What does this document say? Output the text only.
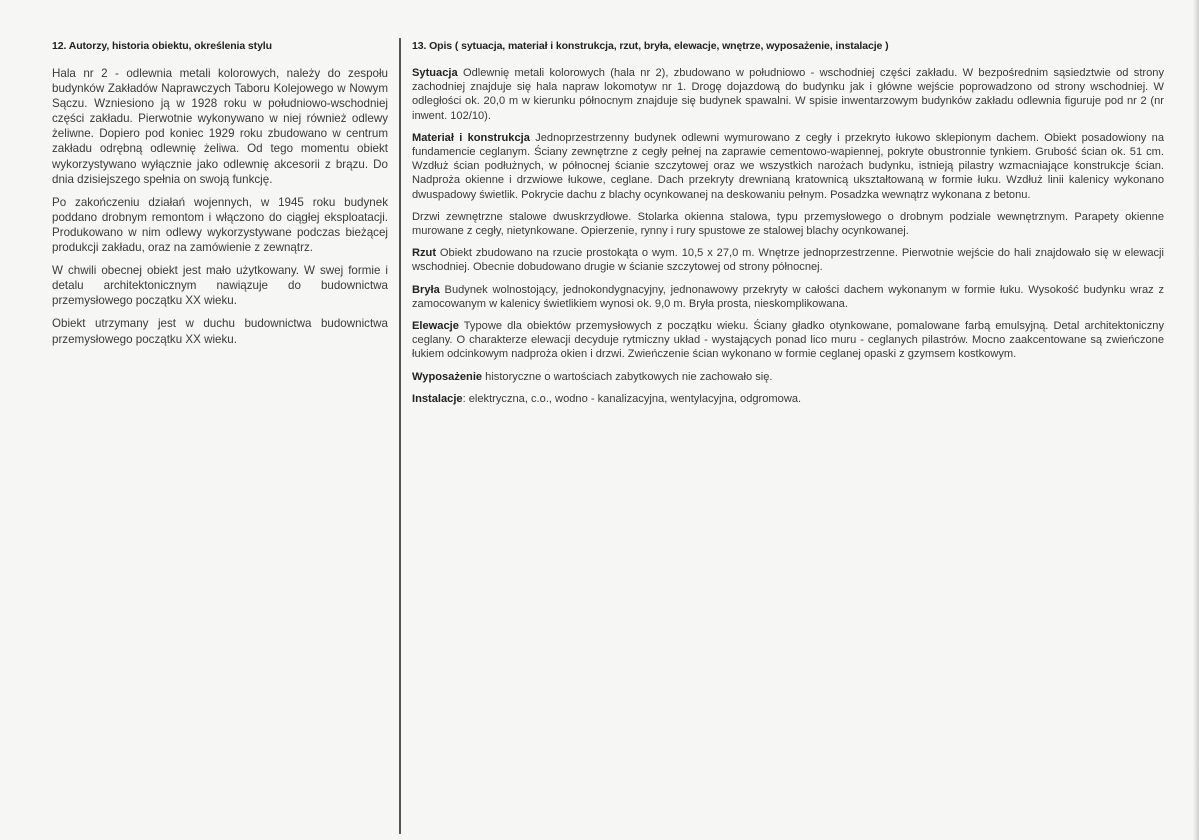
12. Autorzy, historia obiektu, określenia stylu

Hala nr 2 - odlewnia metali kolorowych, należy do zespołu budynków Zakładów Naprawczych Taboru Kolejowego w Nowym Sączu. Wzniesiono ją w 1928 roku w południowo-wschodniej części zakładu. Pierwotnie wykonywano w niej również odlewy żeliwne. Dopiero pod koniec 1929 roku zbudowano w centrum zakładu odrębną odlewnię żeliwa. Od tego momentu obiekt wykorzystywano wyłącznie jako odlewnię akcesorii z brązu. Do dnia dzisiejszego spełnia on swoją funkcję.

Po zakończeniu działań wojennych, w 1945 roku budynek poddano drobnym remontom i włączono do ciągłej eksploatacji. Produkowano w nim odlewy wykorzystywane podczas bieżącej produkcji zakładu, oraz na zamówienie z zewnątrz.

W chwili obecnej obiekt jest mało użytkowany. W swej formie i detalu architektonicznym nawiązuje do budownictwa przemysłowego początku XX wieku.

Obiekt utrzymany jest w duchu budownictwa budownictwa przemysłowego początku XX wieku.

13. Opis ( sytuacja, materiał i konstrukcja, rzut, bryła, elewacje, wnętrze, wyposażenie, instalacje )

Sytuacja Odlewnię metali kolorowych (hala nr 2), zbudowano w południowo - wschodniej części zakładu. W bezpośrednim sąsiedztwie od strony zachodniej znajduje się hala napraw lokomotyw nr 1. Drogę dojazdową do budynku jak i główne wejście poprowadzono od strony wschodniej. W odległości ok. 20,0 m w kierunku północnym znajduje się budynek spawalni. W spisie inwentarzowym budynków zakładu odlewnia figuruje pod nr 2 (nr inwent. 102/10).

Materiał i konstrukcja Jednoprzestrzenny budynek odlewni wymurowano z cegły i przekryto łukowo sklepionym dachem. Obiekt posadowiony na fundamencie ceglanym. Ściany zewnętrzne z cegły pełnej na zaprawie cementowo-wapiennej, pokryte obustronnie tynkiem. Grubość ścian ok. 51 cm. Wzdłuż ścian podłużnych, w północnej ścianie szczytowej oraz we wszystkich narożach budynku, istnieją pilastry wzmacniające konstrukcje ścian. Nadproża okienne i drzwiowe łukowe, ceglane. Dach przekryty drewnianą kratownicą ukształtowaną w formie łuku. Wzdłuż linii kalenicy wykonano dwuspadowy świetlik. Pokrycie dachu z blachy ocynkowanej na deskowaniu pełnym. Posadzka wewnątrz wykonana z betonu.

Drzwi zewnętrzne stalowe dwuskrzydłowe. Stolarka okienna stalowa, typu przemysłowego o drobnym podziale wewnętrznym. Parapety okienne murowane z cegły, nietynkowane. Opierzenie, rynny i rury spustowe ze stalowej blachy ocynkowanej.

Rzut Obiekt zbudowano na rzucie prostokąta o wym. 10,5 x 27,0 m. Wnętrze jednoprzestrzenne. Pierwotnie wejście do hali znajdowało się w elewacji wschodniej. Obecnie dobudowano drugie w ścianie szczytowej od strony północnej.

Bryła Budynek wolnostojący, jednokondygnacyjny, jednonawowy przekryty w całości dachem wykonanym w formie łuku. Wysokość budynku wraz z zamocowanym w kalenicy świetlikiem wynosi ok. 9,0 m. Bryła prosta, nieskomplikowana.

Elewacje Typowe dla obiektów przemysłowych z początku wieku. Ściany gładko otynkowane, pomalowane farbą emulsyjną. Detal architektoniczny ceglany. O charakterze elewacji decyduje rytmiczny układ - wystających ponad lico muru - ceglanych pilastrów. Mocno zaakcentowane są zwieńczone łukiem odcinkowym nadproża okien i drzwi. Zwieńczenie ścian wykonano w formie ceglanej opaski z gzymsem kostkowym.

Wyposażenie historyczne o wartościach zabytkowych nie zachowało się.

Instalacje: elektryczna, c.o., wodno - kanalizacyjna, wentylacyjna, odgromowa.
